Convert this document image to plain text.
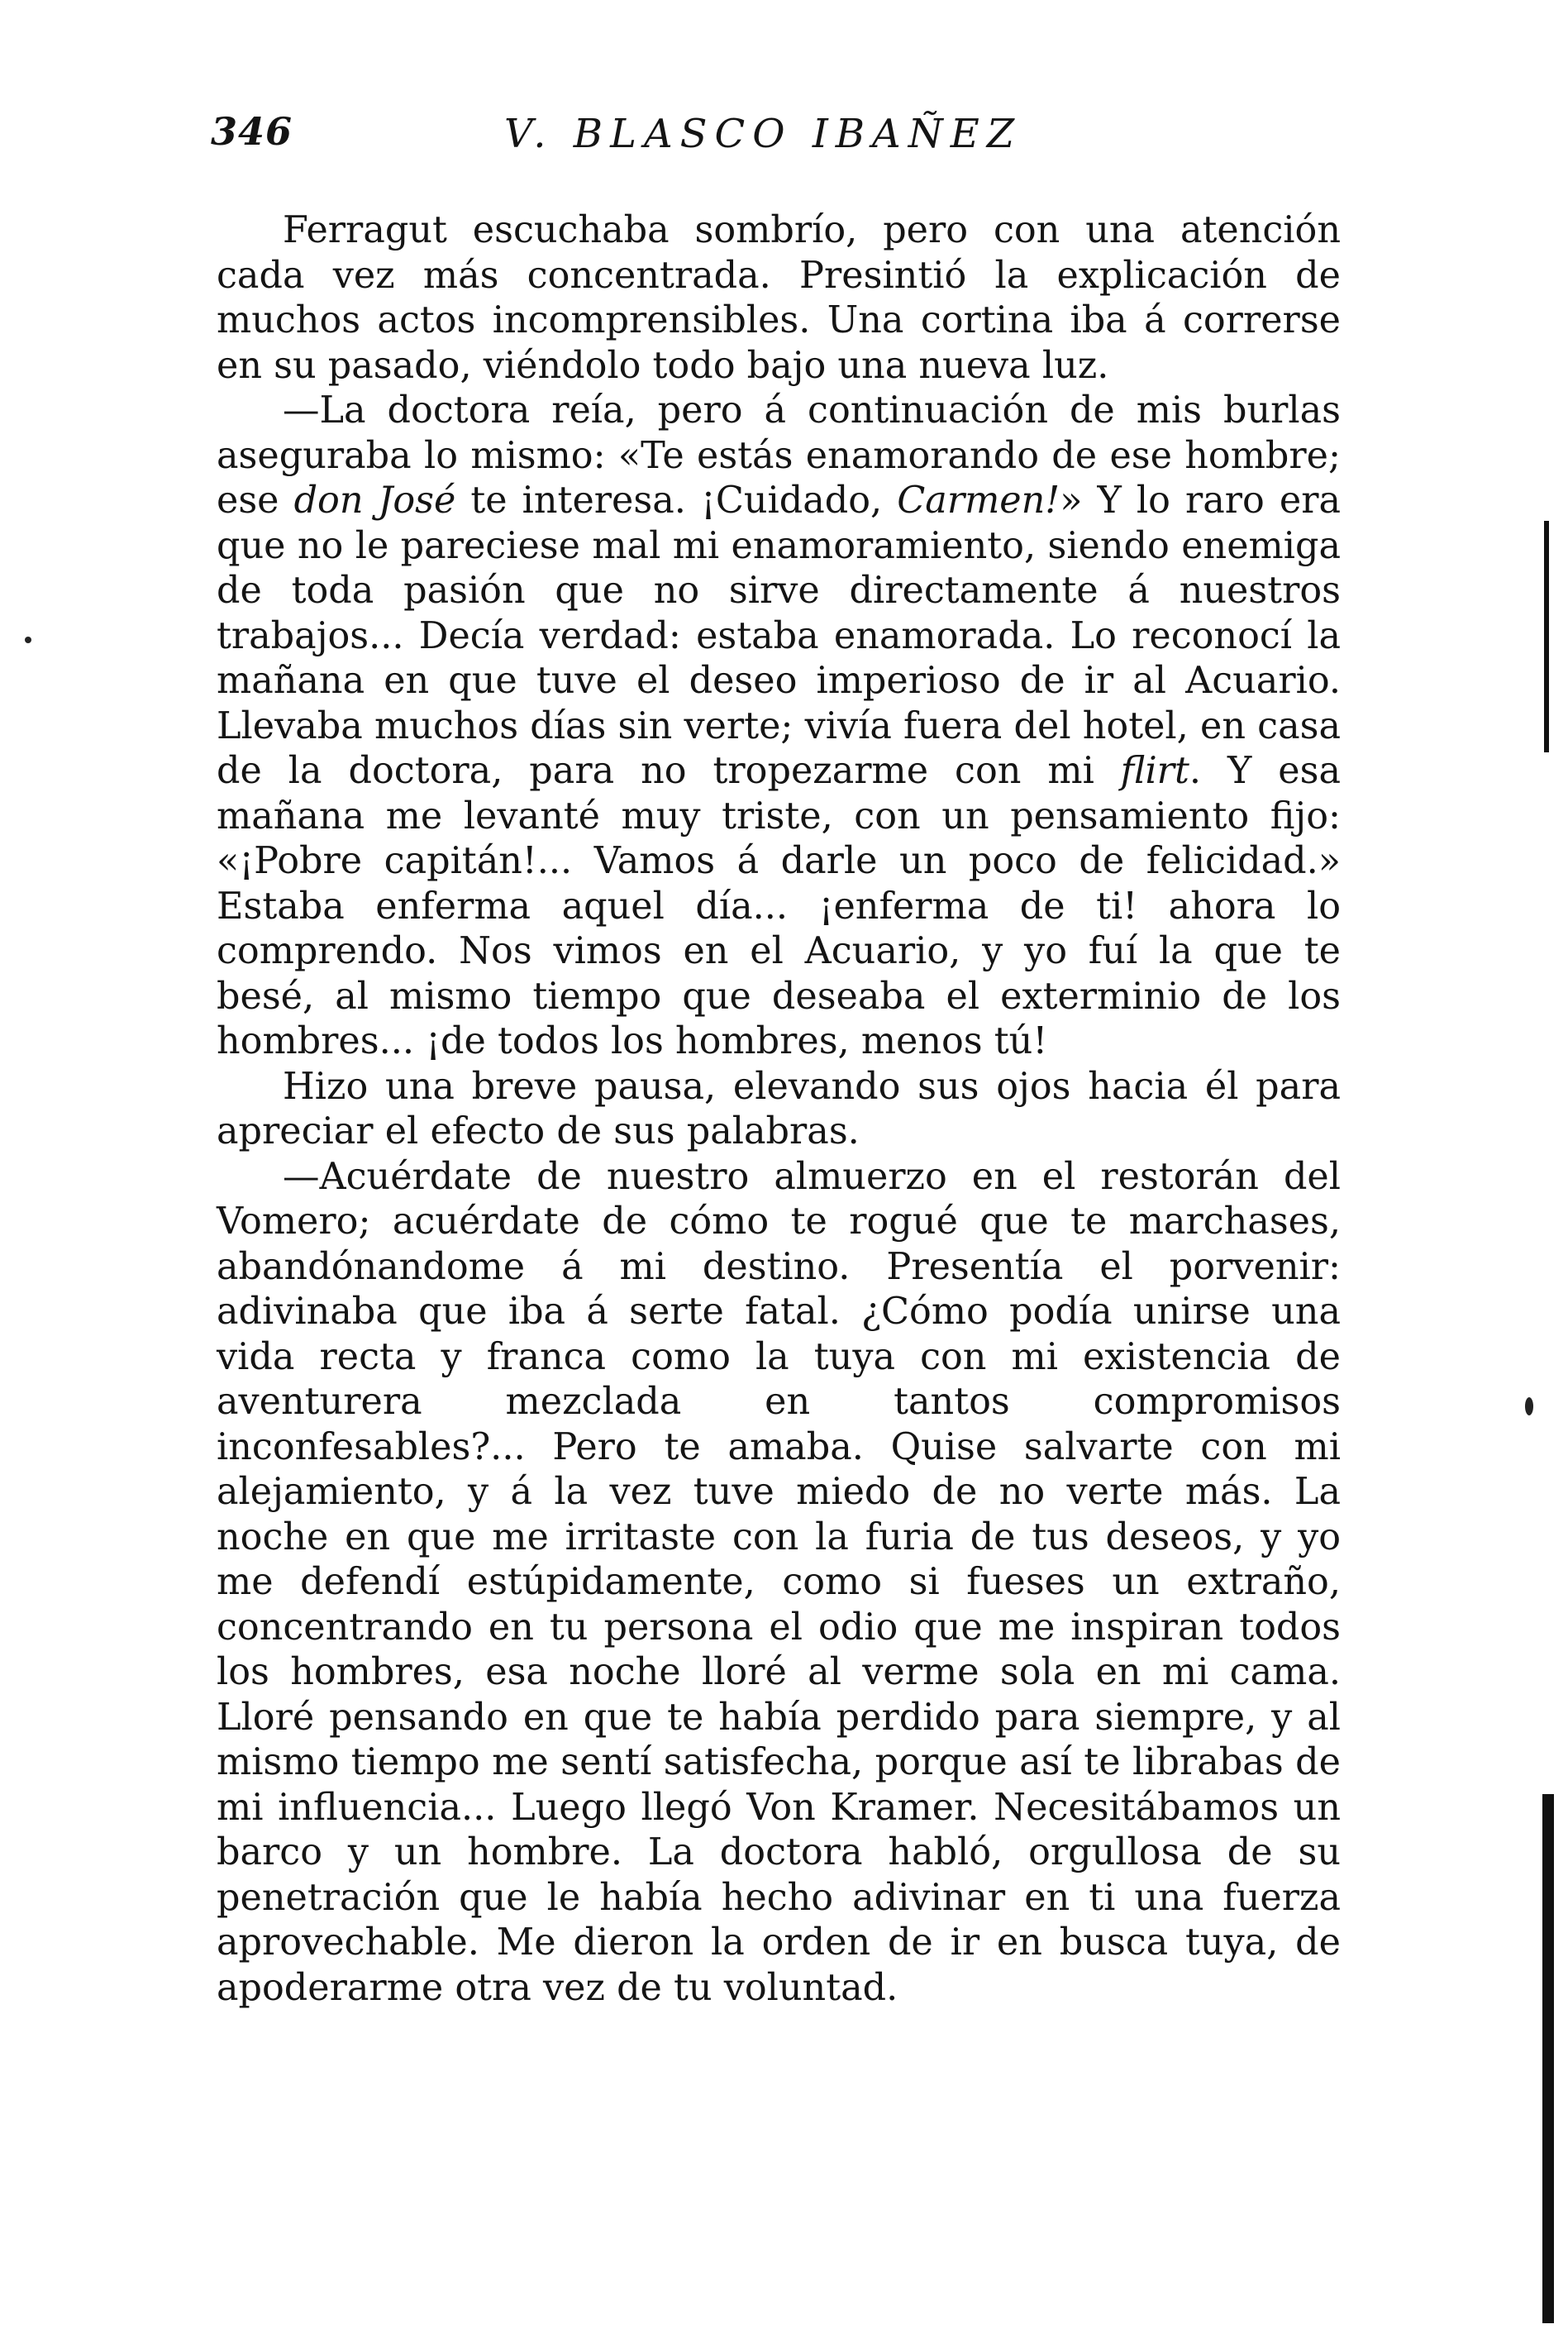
346	V. BLASCO IBAÑEZ

Ferragut escuchaba sombrío, pero con una atención cada vez más concentrada. Presintió la explicación de muchos actos incomprensibles. Una cortina iba á correrse en su pasado, viéndolo todo bajo una nueva luz.

—La doctora reía, pero á continuación de mis burlas aseguraba lo mismo: «Te estás enamorando de ese hombre; ese don José te interesa. ¡Cuidado, Carmen!» Y lo raro era que no le pareciese mal mi enamoramiento, siendo enemiga de toda pasión que no sirve directamente á nuestros trabajos... Decía verdad: estaba enamorada. Lo reconocí la mañana en que tuve el deseo imperioso de ir al Acuario. Llevaba muchos días sin verte; vivía fuera del hotel, en casa de la doctora, para no tropezarme con mi flirt. Y esa mañana me levanté muy triste, con un pensamiento fijo: «¡Pobre capitán!... Vamos á darle un poco de felicidad.» Estaba enferma aquel día... ¡enferma de ti! ahora lo comprendo. Nos vimos en el Acuario, y yo fuí la que te besé, al mismo tiempo que deseaba el exterminio de los hombres... ¡de todos los hombres, menos tú!

Hizo una breve pausa, elevando sus ojos hacia él para apreciar el efecto de sus palabras.

—Acuérdate de nuestro almuerzo en el restorán del Vomero; acuérdate de cómo te rogué que te marchases, abandónandome á mi destino. Presentía el porvenir: adivinaba que iba á serte fatal. ¿Cómo podía unirse una vida recta y franca como la tuya con mi existencia de aventurera mezclada en tantos compromisos inconfesables?... Pero te amaba. Quise salvarte con mi alejamiento, y á la vez tuve miedo de no verte más. La noche en que me irritaste con la furia de tus deseos, y yo me defendí estúpidamente, como si fueses un extraño, concentrando en tu persona el odio que me inspiran todos los hombres, esa noche lloré al verme sola en mi cama. Lloré pensando en que te había perdido para siempre, y al mismo tiempo me sentí satisfecha, porque así te librabas de mi influencia... Luego llegó Von Kramer. Necesitábamos un barco y un hombre. La doctora habló, orgullosa de su penetración que le había hecho adivinar en ti una fuerza aprovechable. Me dieron la orden de ir en busca tuya, de apoderarme otra vez de tu voluntad.
